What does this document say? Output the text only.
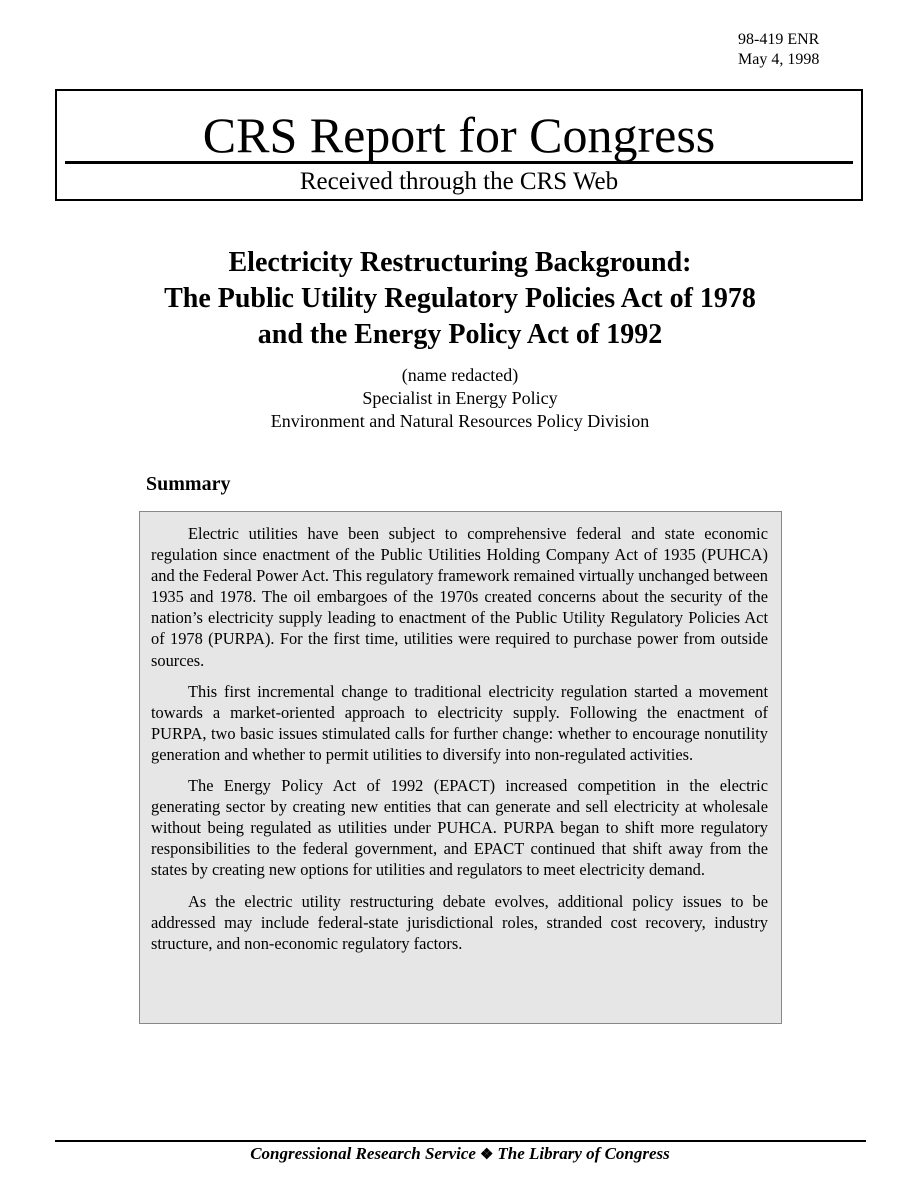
98-419 ENR
May 4, 1998
CRS Report for Congress
Received through the CRS Web
Electricity Restructuring Background:
The Public Utility Regulatory Policies Act of 1978
and the Energy Policy Act of 1992
(name redacted)
Specialist in Energy Policy
Environment and Natural Resources Policy Division
Summary

Electric utilities have been subject to comprehensive federal and state economic regulation since enactment of the Public Utilities Holding Company Act of 1935 (PUHCA) and the Federal Power Act. This regulatory framework remained virtually unchanged between 1935 and 1978. The oil embargoes of the 1970s created concerns about the security of the nation’s electricity supply leading to enactment of the Public Utility Regulatory Policies Act of 1978 (PURPA). For the first time, utilities were required to purchase power from outside sources.

This first incremental change to traditional electricity regulation started a movement towards a market-oriented approach to electricity supply. Following the enactment of PURPA, two basic issues stimulated calls for further change: whether to encourage nonutility generation and whether to permit utilities to diversify into non-regulated activities.

The Energy Policy Act of 1992 (EPACT) increased competition in the electric generating sector by creating new entities that can generate and sell electricity at wholesale without being regulated as utilities under PUHCA. PURPA began to shift more regulatory responsibilities to the federal government, and EPACT continued that shift away from the states by creating new options for utilities and regulators to meet electricity demand.

As the electric utility restructuring debate evolves, additional policy issues to be addressed may include federal-state jurisdictional roles, stranded cost recovery, industry structure, and non-economic regulatory factors.

Congressional Research Service ❖ The Library of Congress
